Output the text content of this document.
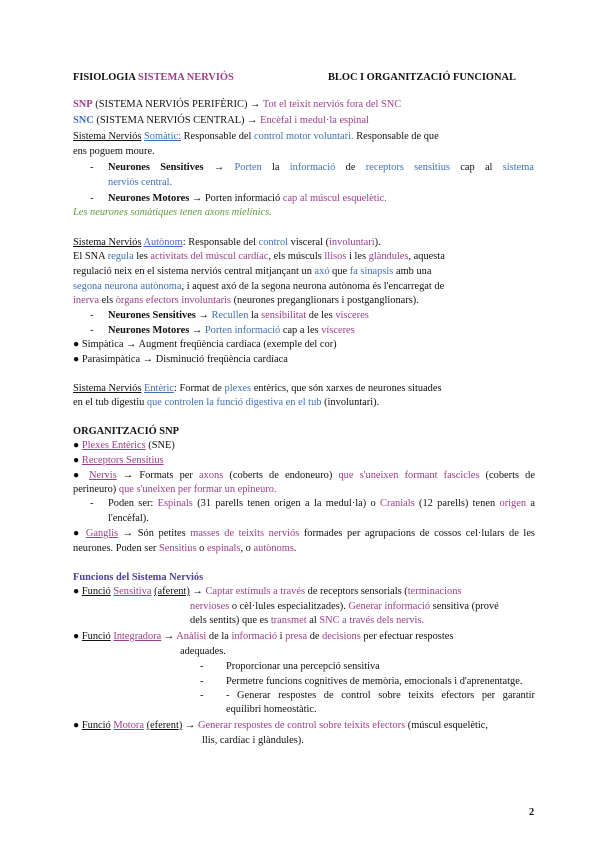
FISIOLOGIA SISTEMA NERVIÓS	BLOC I ORGANITZACIÓ FUNCIONAL
SNP (SISTEMA NERVIÓS PERIFÈRIC) → Tot el teixit nerviós fora del SNC
SNC (SISTEMA NERVIÓS CENTRAL) → Encèfal i medul·la espinal
Sistema Nerviós Somàtic: Responsable del control motor voluntari. Responsable de que
ens poguem moure.
- Neurones Sensitives → Porten la informació de receptors sensitius cap al sistema
nerviós central.
- Neurones Motores → Porten informació cap al múscul esquelètic.
Les neurones somàtiques tenen axons mielínics.
Sistema Nerviós Autònom: Responsable del control visceral (involuntari).
El SNA regula les activitats del múscul cardíac, els músculs llisos i les glàndules, aquesta
regulació neix en el sistema nerviós central mitjançant un axó que fa sinapsis amb una
segona neurona autònoma, i aquest axó de la segona neurona autònoma és l'encarregat de
inerva els òrgans efectors involuntaris (neurones preganglionars i postganglionars).
- Neurones Sensitives → Recullen la sensibilitat de les vísceres
- Neurones Motores → Porten informació cap a les vísceres
● Simpàtica → Augment freqüència cardíaca (exemple del cor)
● Parasimpàtica → Disminució freqüència cardíaca
Sistema Nerviós Entèric: Format de plexes entèrics, que són xarxes de neurones situades
en el tub digestiu que controlen la funció digestiva en el tub (involuntari).
ORGANITZACIÓ SNP
● Plexes Entèrics (SNE)
● Receptors Sensitius
● Nervis → Formats per axons (coberts de endoneuro) que s'uneixen formant fascicles (coberts de
perineuro) que s'uneixen per formar un epineuro.
- Poden ser: Espinals (31 parells tenen origen a la medul·la) o Cranials (12 parells) tenen origen a
l'encèfal).
● Ganglis → Són petites masses de teixits nerviós formades per agrupacions de cossos cel·lulars de les
neurones. Poden ser Sensitius o espinals, o autònoms.
Funcions del Sistema Nerviós
● Funció Sensitiva (aferent) → Captar estímuls a través de receptors sensorials (terminacions
nervioses o cèl·lules especialitzades). Generar informació sensitiva (prové
dels sentits) que es transmet al SNC a través dels nervis.
● Funció Integradora → Anàlisi de la informació i presa de decisions per efectuar respostes
adequades.
- Proporcionar una percepció sensitiva
- Permetre funcions cognitives de memòria, emocionals i d'aprenentatge.
- - Generar respostes de control sobre teixits efectors per garantir
equilibri homeostàtic.
● Funció Motora (eferent) → Generar respostes de control sobre teixits efectors (múscul esquelètic,
llis, cardíac i glàndules).
2
